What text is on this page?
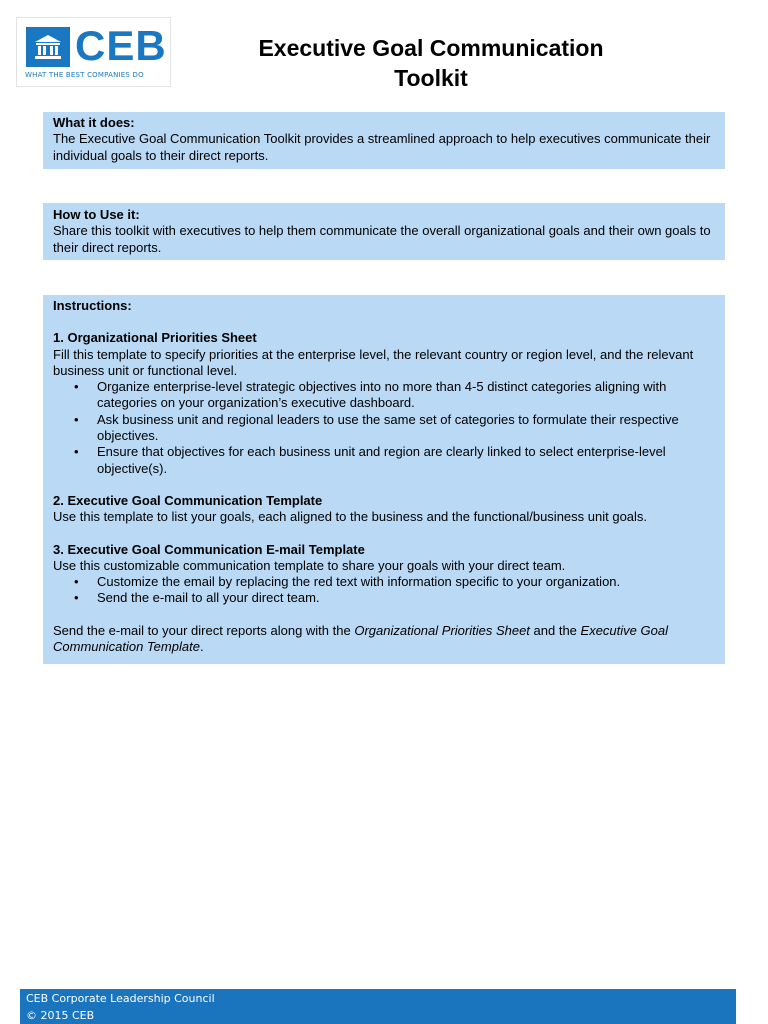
CEB
WHAT THE BEST COMPANIES DO
Executive Goal Communication
Toolkit
What it does:
The Executive Goal Communication Toolkit provides a streamlined approach to help executives communicate their individual goals to their direct reports.
How to Use it:
Share this toolkit with executives to help them communicate the overall organizational goals and their own goals to their direct reports.
Instructions:
1. Organizational Priorities Sheet
Fill this template to specify priorities at the enterprise level, the relevant country or region level, and the relevant business unit or functional level.
• Organize enterprise-level strategic objectives into no more than 4-5 distinct categories aligning with categories on your organization’s executive dashboard.
• Ask business unit and regional leaders to use the same set of categories to formulate their respective objectives.
• Ensure that objectives for each business unit and region are clearly linked to select enterprise-level objective(s).
2. Executive Goal Communication Template
Use this template to list your goals, each aligned to the business and the functional/business unit goals.
3. Executive Goal Communication E-mail Template
Use this customizable communication template to share your goals with your direct team.
• Customize the email by replacing the red text with information specific to your organization.
• Send the e-mail to all your direct team.
Send the e-mail to your direct reports along with the Organizational Priorities Sheet and the Executive Goal Communication Template.
CEB Corporate Leadership Council
© 2015 CEB
